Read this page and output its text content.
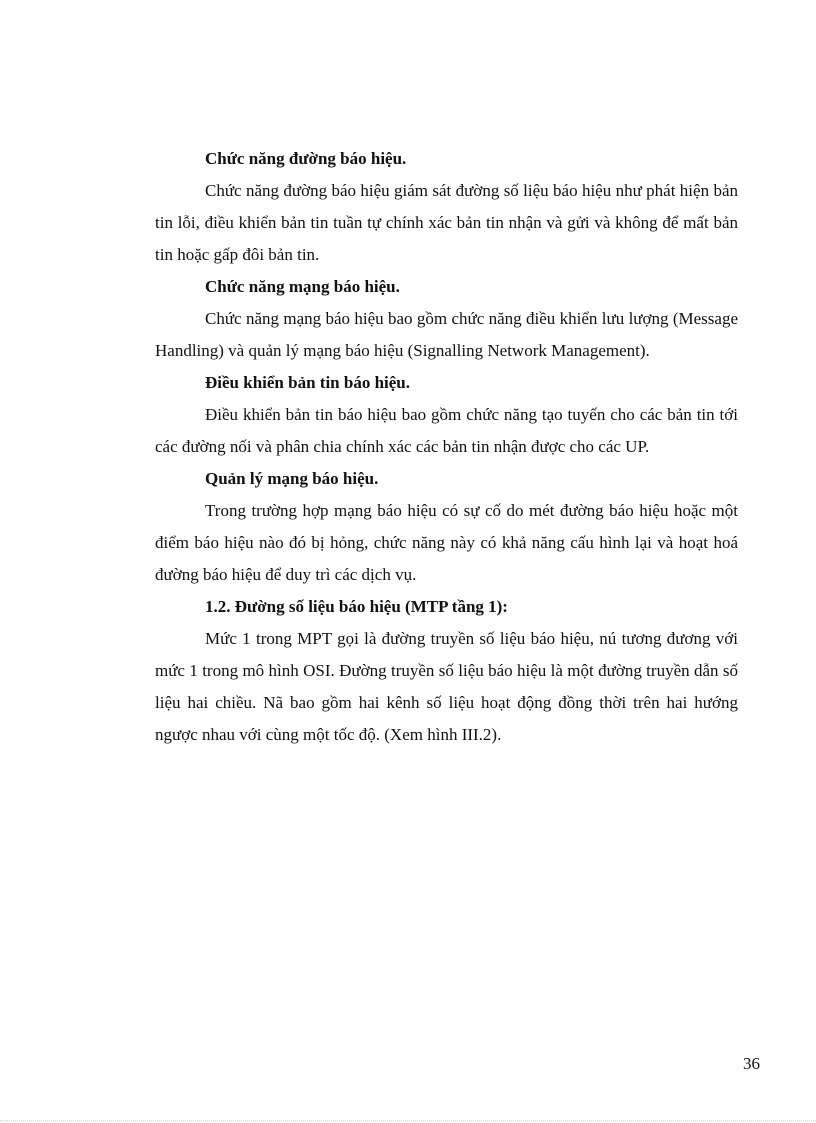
Chức năng đường báo hiệu.

Chức năng đường báo hiệu giám sát đường số liệu báo hiệu như phát hiện bản tin lỗi, điều khiển bản tin tuần tự chính xác bản tin nhận và gửi và không để mất bản tin hoặc gấp đôi bản tin.

Chức năng mạng báo hiệu.

Chức năng mạng báo hiệu bao gồm chức năng điều khiển lưu lượng (Message Handling) và quản lý mạng báo hiệu (Signalling Network Management).

Điều khiển bản tin báo hiệu.

Điều khiển bản tin báo hiệu bao gồm chức năng tạo tuyến cho các bản tin tới các đường nối và phân chia chính xác các bản tin nhận được cho các UP.

Quản lý mạng báo hiệu.

Trong trường hợp mạng báo hiệu có sự cố do mét đường báo hiệu hoặc một điểm báo hiệu nào đó bị hỏng, chức năng này có khả năng cấu hình lại và hoạt hoá đường báo hiệu để duy trì các dịch vụ.

1.2. Đường số liệu báo hiệu (MTP tầng 1):

Mức 1 trong MPT gọi là đường truyền số liệu báo hiệu, nú tương đương với mức 1 trong mô hình OSI. Đường truyền số liệu báo hiệu là một đường truyền dẫn số liệu hai chiều. Nã bao gồm hai kênh số liệu hoạt động đồng thời trên hai hướng ngược nhau với cùng một tốc độ. (Xem hình III.2).

36
